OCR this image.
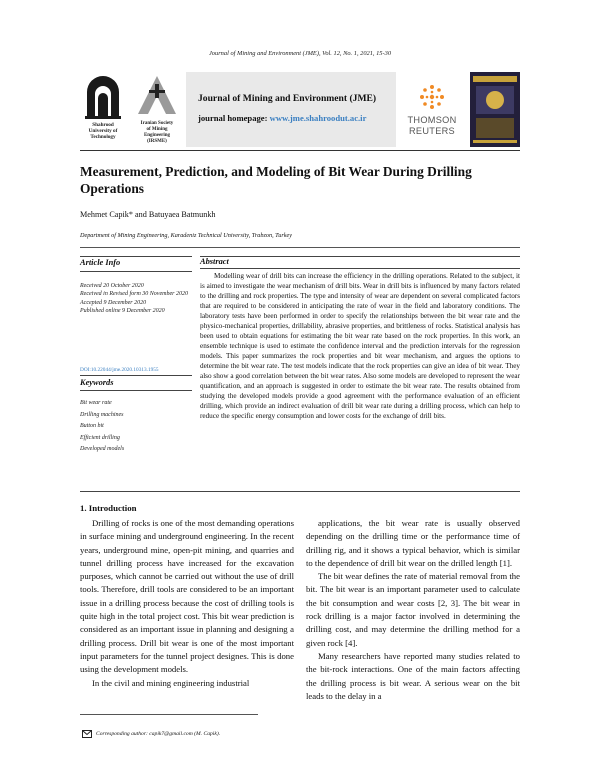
Journal of Mining and Environment (JME), Vol. 12, No. 1, 2021, 15-30
Shahrood
University of
Technology
Iranian Society
of Mining
Engineering
(IRSME)
Journal of Mining and Environment (JME)
journal homepage: www.jme.shahroodut.ac.ir	THOMSON
REUTERS
Measurement, Prediction, and Modeling of Bit Wear During Drilling Operations
Mehmet Capik* and Batuyaea Batmunkh
Department of Mining Engineering, Karadeniz Technical University, Trabzon, Turkey
Article Info
Received 20 October 2020
Received in Revised form 30 November 2020
Accepted 9 December 2020
Published online 9 December 2020
DOI:10.22044/jme.2020.10313.1955
Keywords
Bit wear rate
Drilling machines
Button bit
Efficient drilling
Developed models
Abstract
Modelling wear of drill bits can increase the efficiency in the drilling operations. Related to the subject, it is aimed to investigate the wear mechanism of drill bits. Wear in drill bits is influenced by many factors related to the drilling and rock properties. The type and intensity of wear are dependent on several complicated factors that are required to be considered in anticipating the rate of wear in the field and laboratory conditions. The laboratory tests have been performed in order to specify the relationships between the bit wear rate and the physico-mechanical properties, drillability, abrasive properties, and brittleness of rocks. Statistical analysis has been used to obtain equations for estimating the bit wear rate based on the rock properties. In this work, an ensemble technique is used to estimate the confidence interval and the prediction intervals for the regression models. This paper summarizes the rock properties and bit wear mechanism, and argues the options to determine the bit wear rate. The test models indicate that the rock properties can give an idea of bit wear. They also show a good correlation between the bit wear rates. Also some models are developed to represent the wear quantification, and an approach is suggested in order to estimate the bit wear rate. The results obtained from studying the developed models provide a good agreement with the performance evaluation of an efficient drilling, which provide an indirect evaluation of drill bit wear rate during a drilling process, which can help to reduce the specific energy consumption and lower costs for the exchange of drill bits.
1. Introduction

Drilling of rocks is one of the most demanding operations in surface mining and underground engineering. In the recent years, underground mine, open-pit mining, and quarries and tunnel drilling process have increased for the excavation purposes, which cannot be carried out without the use of drill tools. Therefore, drill tools are considered to be an important issue in a drilling process because the cost of drilling tools is quite high in the total project cost. This bit wear prediction is considered as an important issue in planning and designing a drilling process. Drill bit wear is one of the most important input parameters for the tunnel project designes. This is done using the development models.

In the civil and mining engineering industrial

applications, the bit wear rate is usually observed depending on the drilling time or the performance time of drilling rig, and it shows a typical behavior, which is similar to the dependence of drill bit wear on the drilled length [1].

The bit wear defines the rate of material removal from the bit. The bit wear is an important parameter used to calculate the bit consumption and wear costs [2, 3]. The bit wear in rock drilling is a major factor involved in determining the drilling cost, and may determine the drilling method for a given rock [4].

Many researchers have reported many studies related to the bit-rock interactions. One of the main factors affecting the drilling process is bit wear. A serious wear on the bit leads to the delay in a

Corresponding author: capik7@gmail.com (M. Capik).
